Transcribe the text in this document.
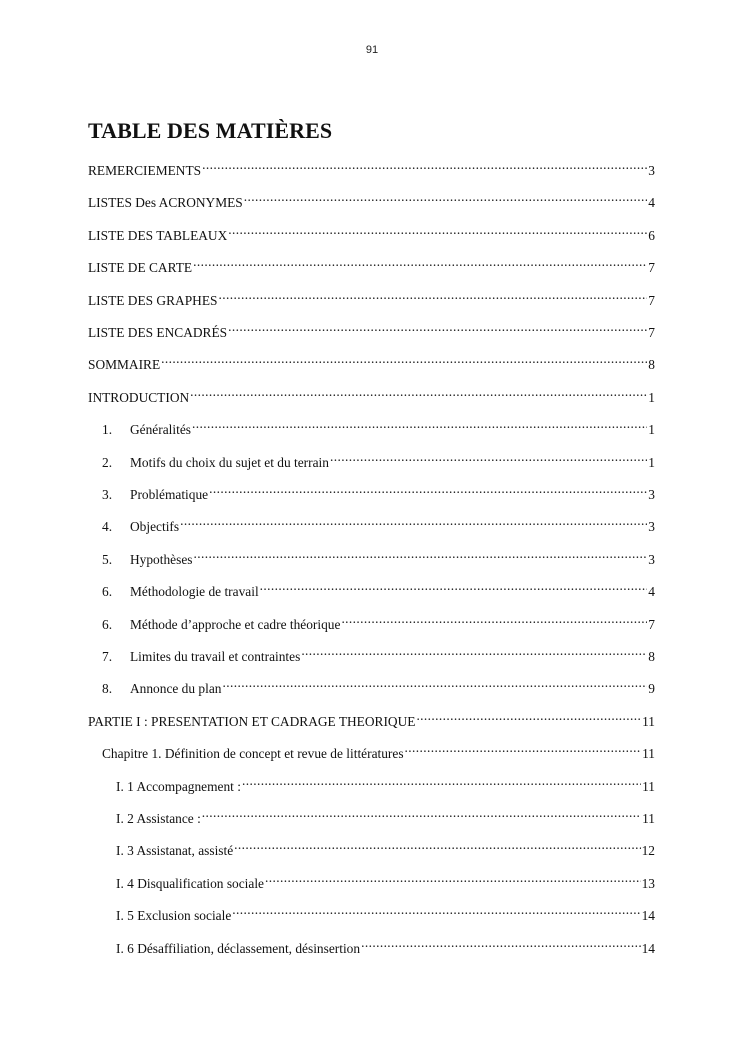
91
TABLE DES MATIÈRES
REMERCIEMENTS .....	3
LISTES Des ACRONYMES .....	4
LISTE DES TABLEAUX .....	6
LISTE DE CARTE .....	7
LISTE DES GRAPHES .....	7
LISTE DES ENCADRÉS .....	7
SOMMAIRE .....	8
INTRODUCTION .....	1
1.	Généralités .....	1
2.	Motifs du choix du sujet et du terrain .....	1
3.	Problématique .....	3
4.	Objectifs .....	3
5.	Hypothèses .....	3
6.	Méthodologie de travail .....	4
6.	Méthode d’approche et cadre théorique .....	7
7.	Limites du travail et contraintes .....	8
8.	Annonce du plan .....	9
PARTIE I : PRESENTATION ET CADRAGE THEORIQUE .....	11
Chapitre 1. Définition de concept et revue de littératures .....	11
I. 1 Accompagnement : .....	11
I. 2 Assistance : .....	11
I. 3 Assistanat, assisté .....	12
I. 4 Disqualification sociale .....	13
I. 5 Exclusion sociale .....	14
I. 6 Désaffiliation, déclassement, désinsertion .....	14
